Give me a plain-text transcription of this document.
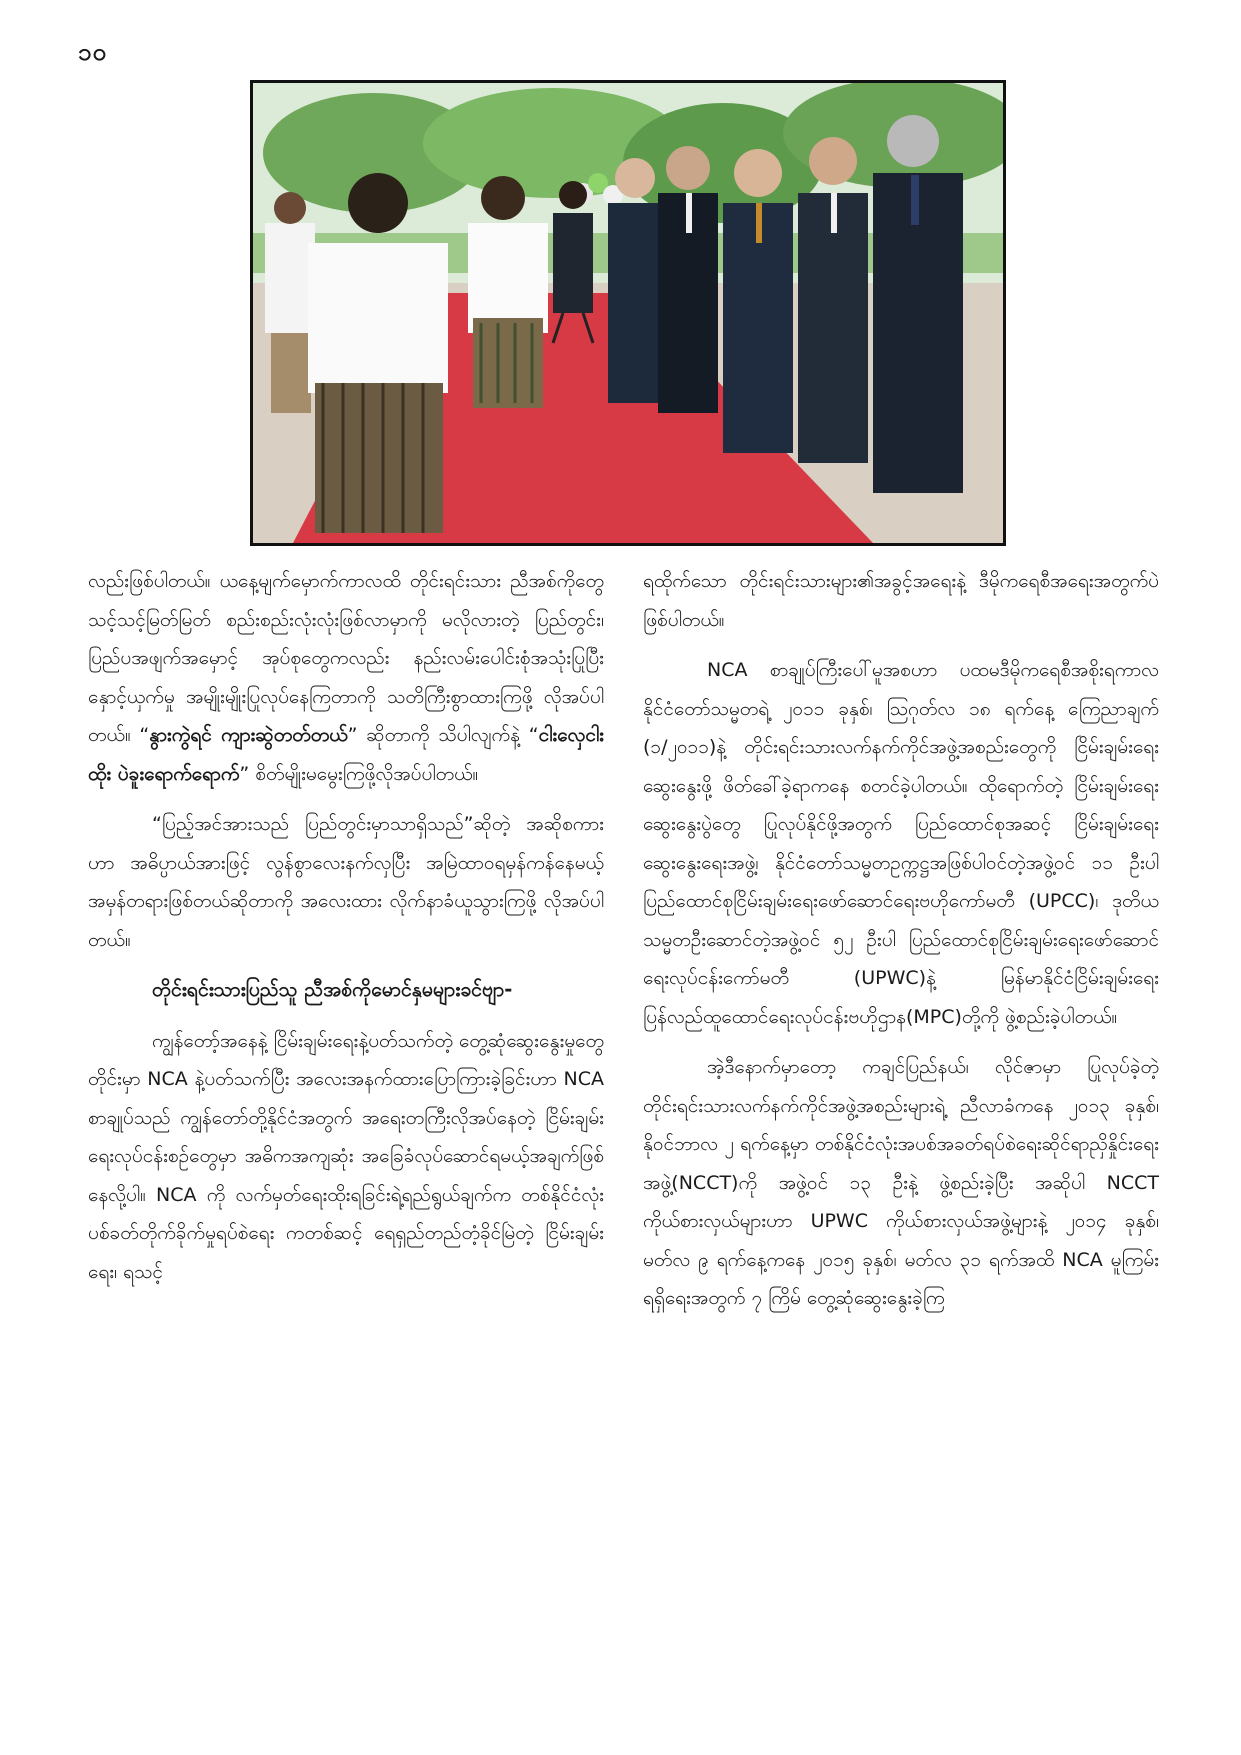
၁၀

လည်းဖြစ်ပါတယ်။ ယနေ့မျက်မှောက်ကာလထိ တိုင်းရင်းသား ညီအစ်ကိုတွေ သင့်သင့်မြတ်မြတ် စည်းစည်းလုံးလုံးဖြစ်လာမှာကို မလိုလားတဲ့ ပြည်တွင်း၊ ပြည်ပအဖျက်အမှောင့် အုပ်စုတွေကလည်း နည်းလမ်းပေါင်းစုံအသုံးပြုပြီး နှောင့်ယှက်မှု အမျိုးမျိုးပြုလုပ်နေကြတာကို သတိကြီးစွာထားကြဖို့ လိုအပ်ပါတယ်။ “နွားကွဲရင် ကျားဆွဲတတ်တယ်” ဆိုတာကို သိပါလျက်နဲ့ “ငါးလှေငါးထိုး ပဲခူးရောက်ရောက်” စိတ်မျိုးမမွေးကြဖို့လိုအပ်ပါတယ်။

“ပြည့်အင်အားသည် ပြည်တွင်းမှာသာရှိသည်”ဆိုတဲ့ အဆိုစကားဟာ အဓိပ္ပာယ်အားဖြင့် လွန်စွာလေးနက်လှပြီး အမြဲထာဝရမှန်ကန်နေမယ့် အမှန်တရားဖြစ်တယ်ဆိုတာကို အလေးထား လိုက်နာခံယူသွားကြဖို့ လိုအပ်ပါတယ်။

တိုင်းရင်းသားပြည်သူ ညီအစ်ကိုမောင်နှမများခင်ဗျာ-

ကျွန်တော့်အနေနဲ့ ငြိမ်းချမ်းရေးနဲ့ပတ်သက်တဲ့ တွေ့ဆုံဆွေးနွေးမှုတွေတိုင်းမှာ NCA နဲ့ပတ်သက်ပြီး အလေးအနက်ထားပြောကြားခဲ့ခြင်းဟာ NCA စာချုပ်သည် ကျွန်တော်တို့နိုင်ငံအတွက် အရေးတကြီးလိုအပ်နေတဲ့ ငြိမ်းချမ်းရေးလုပ်ငန်းစဉ်တွေမှာ အဓိကအကျဆုံး အခြေခံလုပ်ဆောင်ရမယ့်အချက်ဖြစ်နေလို့ပါ။ NCA ကို လက်မှတ်ရေးထိုးရခြင်းရဲ့ရည်ရွယ်ချက်က တစ်နိုင်ငံလုံးပစ်ခတ်တိုက်ခိုက်မှုရပ်စဲရေး ကတစ်ဆင့် ရေရှည်တည်တံ့ခိုင်မြဲတဲ့ ငြိမ်းချမ်းရေး၊ ရသင့်

ရထိုက်သော တိုင်းရင်းသားများ၏အခွင့်အရေးနဲ့ ဒီမိုကရေစီအရေးအတွက်ပဲ ဖြစ်ပါတယ်။

NCA စာချုပ်ကြီးပေါ်မူအစဟာ ပထမဒီမိုကရေစီအစိုးရကာလ နိုင်ငံတော်သမ္မတရဲ့ ၂၀၁၁ ခုနှစ်၊ ဩဂုတ်လ ၁၈ ရက်နေ့ ကြေညာချက် (၁/၂၀၁၁)နဲ့ တိုင်းရင်းသားလက်နက်ကိုင်အဖွဲ့အစည်းတွေကို ငြိမ်းချမ်းရေးဆွေးနွေးဖို့ ဖိတ်ခေါ်ခဲ့ရာကနေ စတင်ခဲ့ပါတယ်။ ထိုရောက်တဲ့ ငြိမ်းချမ်းရေးဆွေးနွေးပွဲတွေ ပြုလုပ်နိုင်ဖို့အတွက် ပြည်ထောင်စုအဆင့် ငြိမ်းချမ်းရေးဆွေးနွေးရေးအဖွဲ့၊ နိုင်ငံတော်သမ္မတဥက္ကဋ္ဌအဖြစ်ပါဝင်တဲ့အဖွဲ့ဝင် ၁၁ ဦးပါ ပြည်ထောင်စုငြိမ်းချမ်းရေးဖော်ဆောင်ရေးဗဟိုကော်မတီ (UPCC)၊ ဒုတိယသမ္မတဦးဆောင်တဲ့အဖွဲ့ဝင် ၅၂ ဦးပါ ပြည်ထောင်စုငြိမ်းချမ်းရေးဖော်ဆောင်ရေးလုပ်ငန်းကော်မတီ (UPWC)နဲ့ မြန်မာနိုင်ငံငြိမ်းချမ်းရေး ပြန်လည်ထူထောင်ရေးလုပ်ငန်းဗဟိုဌာန(MPC)တို့ကို ဖွဲ့စည်းခဲ့ပါတယ်။

အဲ့ဒီနောက်မှာတော့ ကချင်ပြည်နယ်၊ လိုင်ဇာမှာ ပြုလုပ်ခဲ့တဲ့ တိုင်းရင်းသားလက်နက်ကိုင်အဖွဲ့အစည်းများရဲ့ ညီလာခံကနေ ၂၀၁၃ ခုနှစ်၊ နိုဝင်ဘာလ ၂ ရက်နေ့မှာ တစ်နိုင်ငံလုံးအပစ်အခတ်ရပ်စဲရေးဆိုင်ရာညှိနှိုင်းရေးအဖွဲ့(NCCT)ကို အဖွဲ့ဝင် ၁၃ ဦးနဲ့ ဖွဲ့စည်းခဲ့ပြီး အဆိုပါ NCCT ကိုယ်စားလှယ်များဟာ UPWC ကိုယ်စားလှယ်အဖွဲ့များနဲ့ ၂၀၁၄ ခုနှစ်၊ မတ်လ ၉ ရက်နေ့ကနေ ၂၀၁၅ ခုနှစ်၊ မတ်လ ၃၁ ရက်အထိ NCA မူကြမ်းရရှိရေးအတွက် ၇ ကြိမ် တွေ့ဆုံဆွေးနွေးခဲ့ကြ
